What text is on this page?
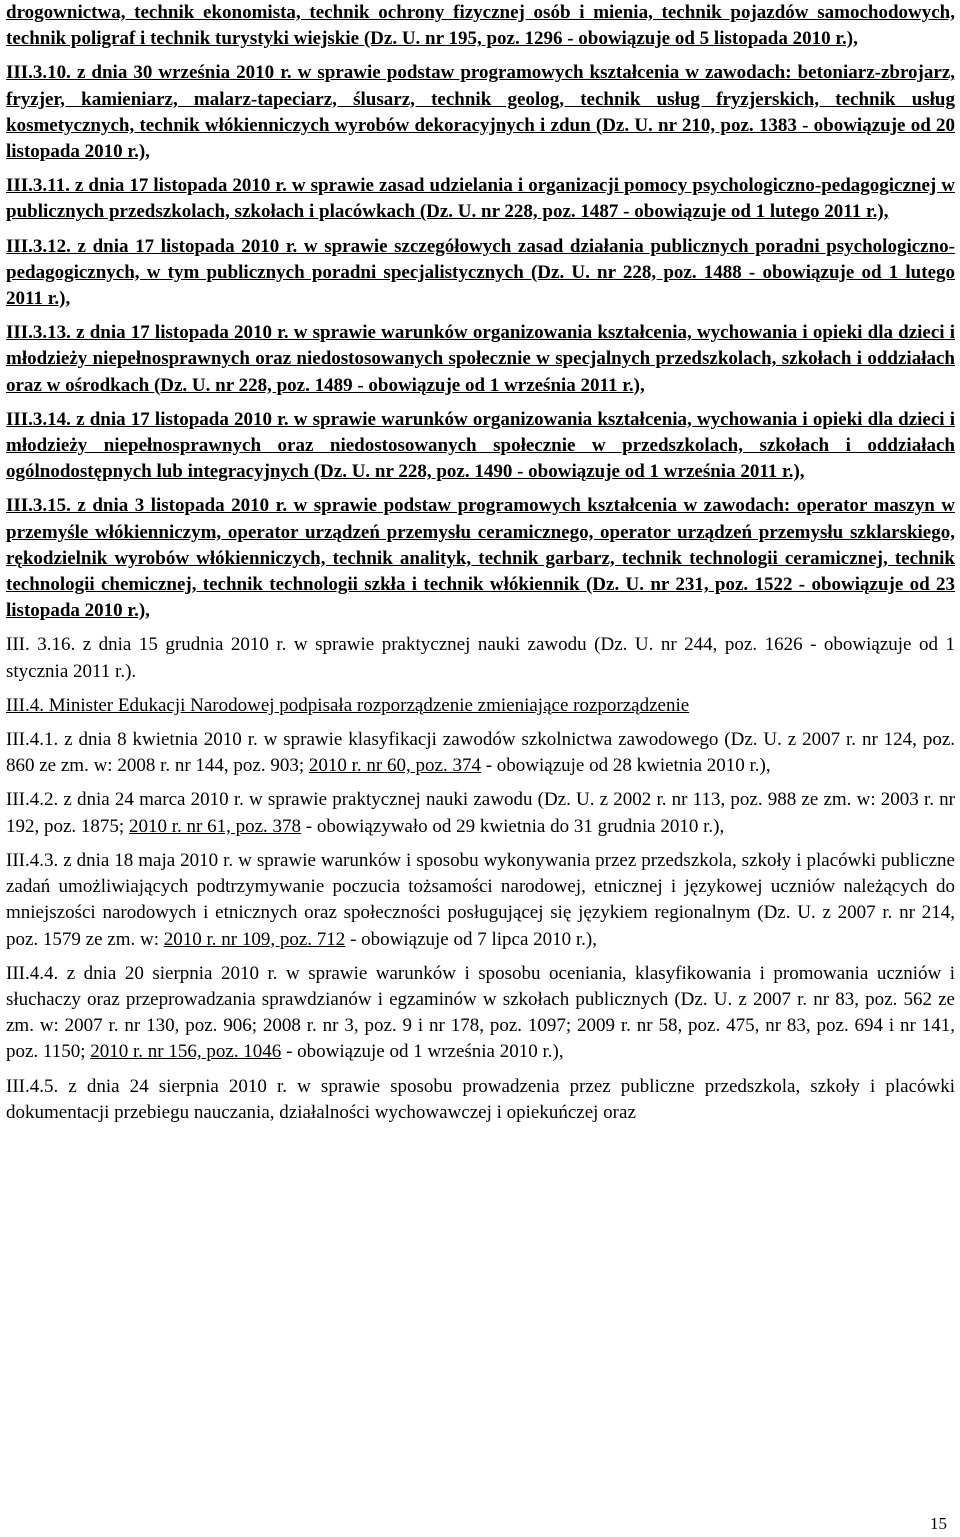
drogownictwa, technik ekonomista, technik ochrony fizycznej osób i mienia, technik pojazdów samochodowych, technik poligraf i technik turystyki wiejskie (Dz. U. nr 195, poz. 1296 - obowiązuje od 5 listopada 2010 r.),
III.3.10. z dnia 30 września 2010 r. w sprawie podstaw programowych kształcenia w zawodach: betoniarz-zbrojarz, fryzjer, kamieniarz, malarz-tapeciarz, ślusarz, technik geolog, technik usług fryzjerskich, technik usług kosmetycznych, technik włókienniczych wyrobów dekoracyjnych i zdun (Dz. U. nr 210, poz. 1383 - obowiązuje od 20 listopada 2010 r.),
III.3.11. z dnia 17 listopada 2010 r. w sprawie zasad udzielania i organizacji pomocy psychologiczno-pedagogicznej w publicznych przedszkolach, szkołach i placówkach (Dz. U. nr 228, poz. 1487 - obowiązuje od 1 lutego 2011 r.),
III.3.12. z dnia 17 listopada 2010 r. w sprawie szczegółowych zasad działania publicznych poradni psychologiczno-pedagogicznych, w tym publicznych poradni specjalistycznych (Dz. U. nr 228, poz. 1488 - obowiązuje od 1 lutego 2011 r.),
III.3.13. z dnia 17 listopada 2010 r. w sprawie warunków organizowania kształcenia, wychowania i opieki dla dzieci i młodzieży niepełnosprawnych oraz niedostosowanych społecznie w specjalnych przedszkolach, szkołach i oddziałach oraz w ośrodkach (Dz. U. nr 228, poz. 1489 - obowiązuje od 1 września 2011 r.),
III.3.14. z dnia 17 listopada 2010 r. w sprawie warunków organizowania kształcenia, wychowania i opieki dla dzieci i młodzieży niepełnosprawnych oraz niedostosowanych społecznie w przedszkolach, szkołach i oddziałach ogólnodostępnych lub integracyjnych (Dz. U. nr 228, poz. 1490 - obowiązuje od 1 września 2011 r.),
III.3.15. z dnia 3 listopada 2010 r. w sprawie podstaw programowych kształcenia w zawodach: operator maszyn w przemyśle włókienniczym, operator urządzeń przemysłu ceramicznego, operator urządzeń przemysłu szklarskiego, rękodzielnik wyrobów włókienniczych, technik analityk, technik garbarz, technik technologii ceramicznej, technik technologii chemicznej, technik technologii szkła i technik włókiennik (Dz. U. nr 231, poz. 1522 - obowiązuje od 23 listopada 2010 r.),
III. 3.16. z dnia 15 grudnia 2010 r. w sprawie praktycznej nauki zawodu (Dz. U. nr 244, poz. 1626 - obowiązuje od 1 stycznia 2011 r.).
III.4. Minister Edukacji Narodowej podpisała rozporządzenie zmieniające rozporządzenie
III.4.1. z dnia 8 kwietnia 2010 r. w sprawie klasyfikacji zawodów szkolnictwa zawodowego (Dz. U. z 2007 r. nr 124, poz. 860 ze zm. w: 2008 r. nr 144, poz. 903; 2010 r. nr 60, poz. 374 - obowiązuje od 28 kwietnia 2010 r.),
III.4.2. z dnia 24 marca 2010 r. w sprawie praktycznej nauki zawodu (Dz. U. z 2002 r. nr 113, poz. 988 ze zm. w: 2003 r. nr 192, poz. 1875; 2010 r. nr 61, poz. 378 - obowiązywało od 29 kwietnia do 31 grudnia 2010 r.),
III.4.3. z dnia 18 maja 2010 r. w sprawie warunków i sposobu wykonywania przez przedszkola, szkoły i placówki publiczne zadań umożliwiających podtrzymywanie poczucia tożsamości narodowej, etnicznej i językowej uczniów należących do mniejszości narodowych i etnicznych oraz społeczności posługującej się językiem regionalnym (Dz. U. z 2007 r. nr 214, poz. 1579 ze zm. w: 2010 r. nr 109, poz. 712 - obowiązuje od 7 lipca 2010 r.),
III.4.4. z dnia 20 sierpnia 2010 r. w sprawie warunków i sposobu oceniania, klasyfikowania i promowania uczniów i słuchaczy oraz przeprowadzania sprawdzianów i egzaminów w szkołach publicznych (Dz. U. z 2007 r. nr 83, poz. 562 ze zm. w: 2007 r. nr 130, poz. 906; 2008 r. nr 3, poz. 9 i nr 178, poz. 1097; 2009 r. nr 58, poz. 475, nr 83, poz. 694 i nr 141, poz. 1150; 2010 r. nr 156, poz. 1046 - obowiązuje od 1 września 2010 r.),
III.4.5. z dnia 24 sierpnia 2010 r. w sprawie sposobu prowadzenia przez publiczne przedszkola, szkoły i placówki dokumentacji przebiegu nauczania, działalności wychowawczej i opiekuńczej oraz
15
